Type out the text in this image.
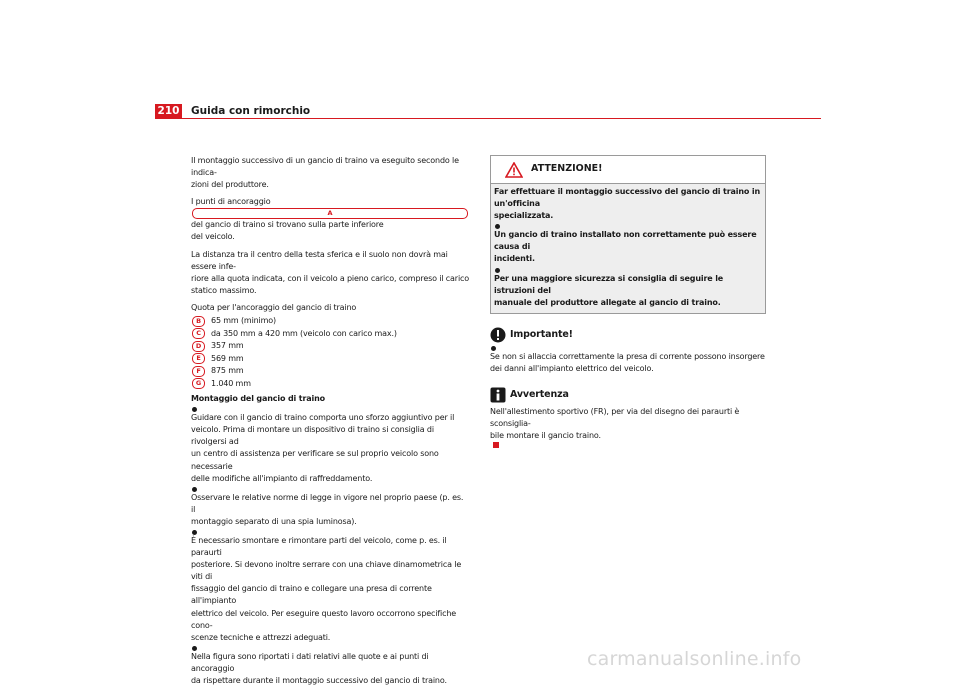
210 Guida con rimorchio

Il montaggio successivo di un gancio di traino va eseguito secondo le indica-
zioni del produttore.

I punti di ancoraggio
A
del gancio di traino si trovano sulla parte inferiore
del veicolo.

La distanza tra il centro della testa sferica e il suolo non dovrà mai essere infe-
riore alla quota indicata, con il veicolo a pieno carico, compreso il carico
statico massimo.

Quota per l'ancoraggio del gancio di traino

B	65 mm (minimo)
C	da 350 mm a 420 mm (veicolo con carico max.)
D	357 mm
E	569 mm
F	875 mm
G	1.040 mm

Montaggio del gancio di traino

Guidare con il gancio di traino comporta uno sforzo aggiuntivo per il
veicolo. Prima di montare un dispositivo di traino si consiglia di rivolgersi ad
un centro di assistenza per verificare se sul proprio veicolo sono necessarie
delle modifiche all'impianto di raffreddamento.

Osservare le relative norme di legge in vigore nel proprio paese (p. es. il
montaggio separato di una spia luminosa).

È necessario smontare e rimontare parti del veicolo, come p. es. il paraurti
posteriore. Si devono inoltre serrare con una chiave dinamometrica le viti di
fissaggio del gancio di traino e collegare una presa di corrente all'impianto
elettrico del veicolo. Per eseguire questo lavoro occorrono specifiche cono-
scenze tecniche e attrezzi adeguati.

Nella figura sono riportati i dati relativi alle quote e ai punti di ancoraggio
da rispettare durante il montaggio successivo del gancio di traino.

ATTENZIONE!
Far effettuare il montaggio successivo del gancio di traino in un'officina
specializzata.
Un gancio di traino installato non correttamente può essere causa di
incidenti.
Per una maggiore sicurezza si consiglia di seguire le istruzioni del
manuale del produttore allegate al gancio di traino.
Importante!

Se non si allaccia correttamente la presa di corrente possono insorgere
dei danni all'impianto elettrico del veicolo.

Avvertenza

Nell'allestimento sportivo (FR), per via del disegno dei paraurti è sconsiglia-
bile montare il gancio traino.

carmanualsonline.info
